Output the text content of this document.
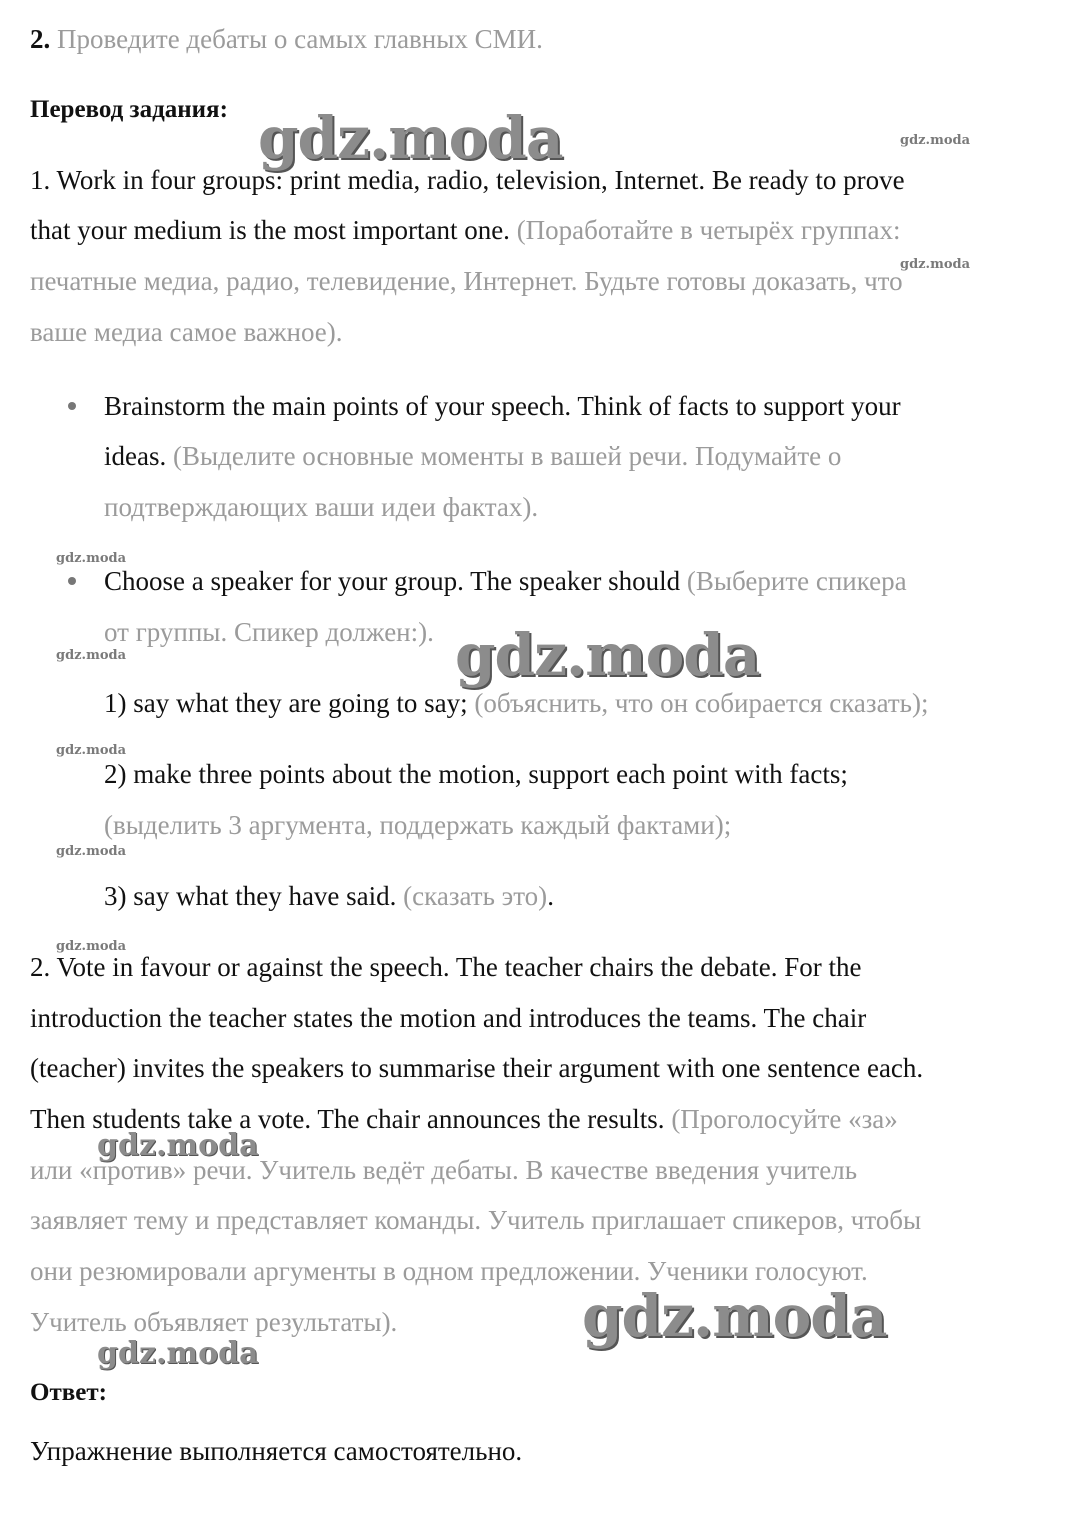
2. Проведите дебаты о самых главных СМИ.
Перевод задания:
1. Work in four groups: print media, radio, television, Internet. Be ready to prove
that your medium is the most important one. (Поработайте в четырёх группах:
печатные медиа, радио, телевидение, Интернет. Будьте готовы доказать, что
ваше медиа самое важное).
Brainstorm the main points of your speech. Think of facts to support your
ideas. (Выделите основные моменты в вашей речи. Подумайте о
подтверждающих ваши идеи фактах).
Choose a speaker for your group. The speaker should (Выберите спикера
от группы. Спикер должен:).
1) say what they are going to say; (объяснить, что он собирается сказать);
2) make three points about the motion, support each point with facts;
(выделить 3 аргумента, поддержать каждый фактами);
3) say what they have said. (сказать это).
2. Vote in favour or against the speech. The teacher chairs the debate. For the
introduction the teacher states the motion and introduces the teams. The chair
(teacher) invites the speakers to summarise their argument with one sentence each.
Then students take a vote. The chair announces the results. (Проголосуйте «за»
или «против» речи. Учитель ведёт дебаты. В качестве введения учитель
заявляет тему и представляет команды. Учитель приглашает спикеров, чтобы
они резюмировали аргументы в одном предложении. Ученики голосуют.
Учитель объявляет результаты).
Ответ:
Упражнение выполняется самостоятельно.
gdz.moda
gdz.moda
gdz.moda
gdz.moda
gdz.moda
gdz.moda
gdz.moda
gdz.moda
gdz.moda
gdz.moda
gdz.moda
gdz.moda
